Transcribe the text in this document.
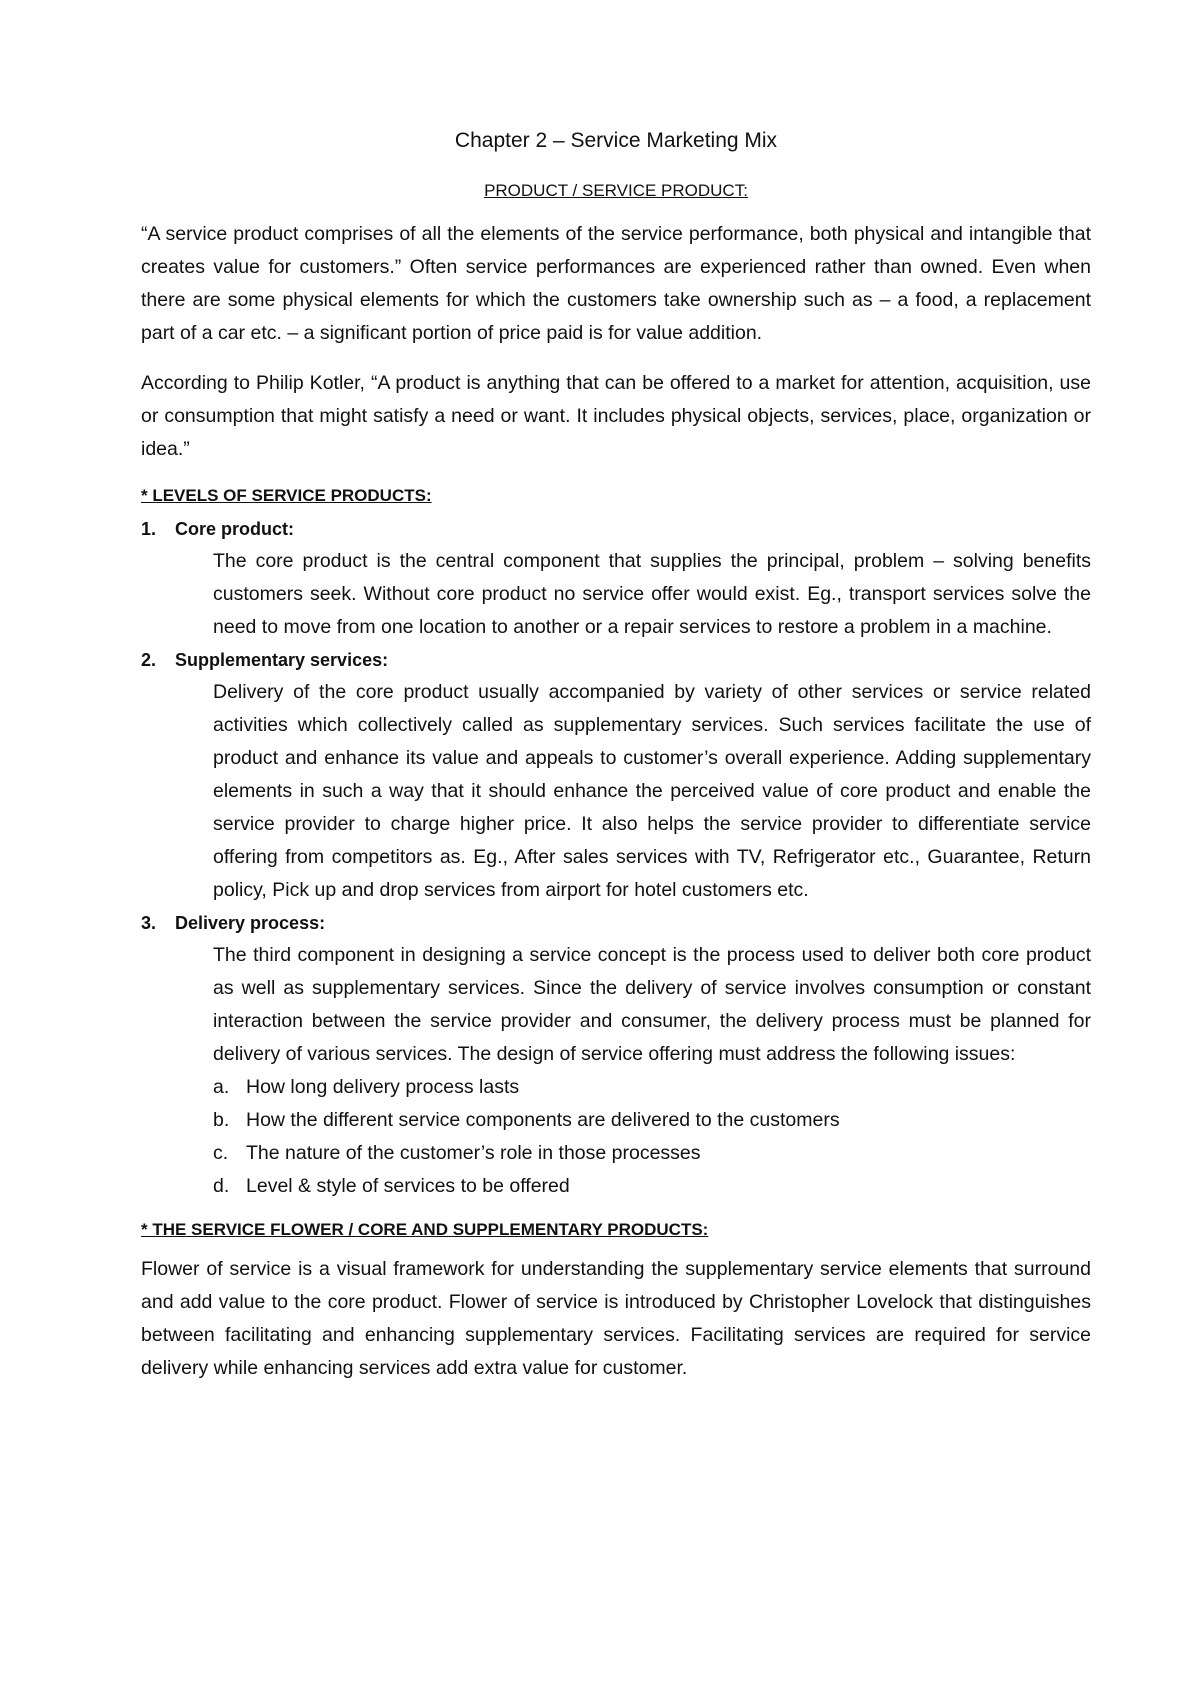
Chapter 2 – Service Marketing Mix
PRODUCT / SERVICE PRODUCT:

“A service product comprises of all the elements of the service performance, both physical and intangible that creates value for customers.” Often service performances are experienced rather than owned. Even when there are some physical elements for which the customers take ownership such as – a food, a replacement part of a car etc. – a significant portion of price paid is for value addition.

According to Philip Kotler, “A product is anything that can be offered to a market for attention, acquisition, use or consumption that might satisfy a need or want. It includes physical objects, services, place, organization or idea.”

* LEVELS OF SERVICE PRODUCTS:
1.	Core product:
The core product is the central component that supplies the principal, problem – solving benefits customers seek. Without core product no service offer would exist. Eg., transport services solve the need to move from one location to another or a repair services to restore a problem in a machine.
2.	Supplementary services:
Delivery of the core product usually accompanied by variety of other services or service related activities which collectively called as supplementary services. Such services facilitate the use of product and enhance its value and appeals to customer’s overall experience. Adding supplementary elements in such a way that it should enhance the perceived value of core product and enable the service provider to charge higher price. It also helps the service provider to differentiate service offering from competitors as. Eg., After sales services with TV, Refrigerator etc., Guarantee, Return policy, Pick up and drop services from airport for hotel customers etc.
3.	Delivery process:
The third component in designing a service concept is the process used to deliver both core product as well as supplementary services. Since the delivery of service involves consumption or constant interaction between the service provider and consumer, the delivery process must be planned for delivery of various services. The design of service offering must address the following issues:
a. How long delivery process lasts
b. How the different service components are delivered to the customers
c. The nature of the customer’s role in those processes
d. Level & style of services to be offered
* THE SERVICE FLOWER / CORE AND SUPPLEMENTARY PRODUCTS:

Flower of service is a visual framework for understanding the supplementary service elements that surround and add value to the core product. Flower of service is introduced by Christopher Lovelock that distinguishes between facilitating and enhancing supplementary services. Facilitating services are required for service delivery while enhancing services add extra value for customer.
